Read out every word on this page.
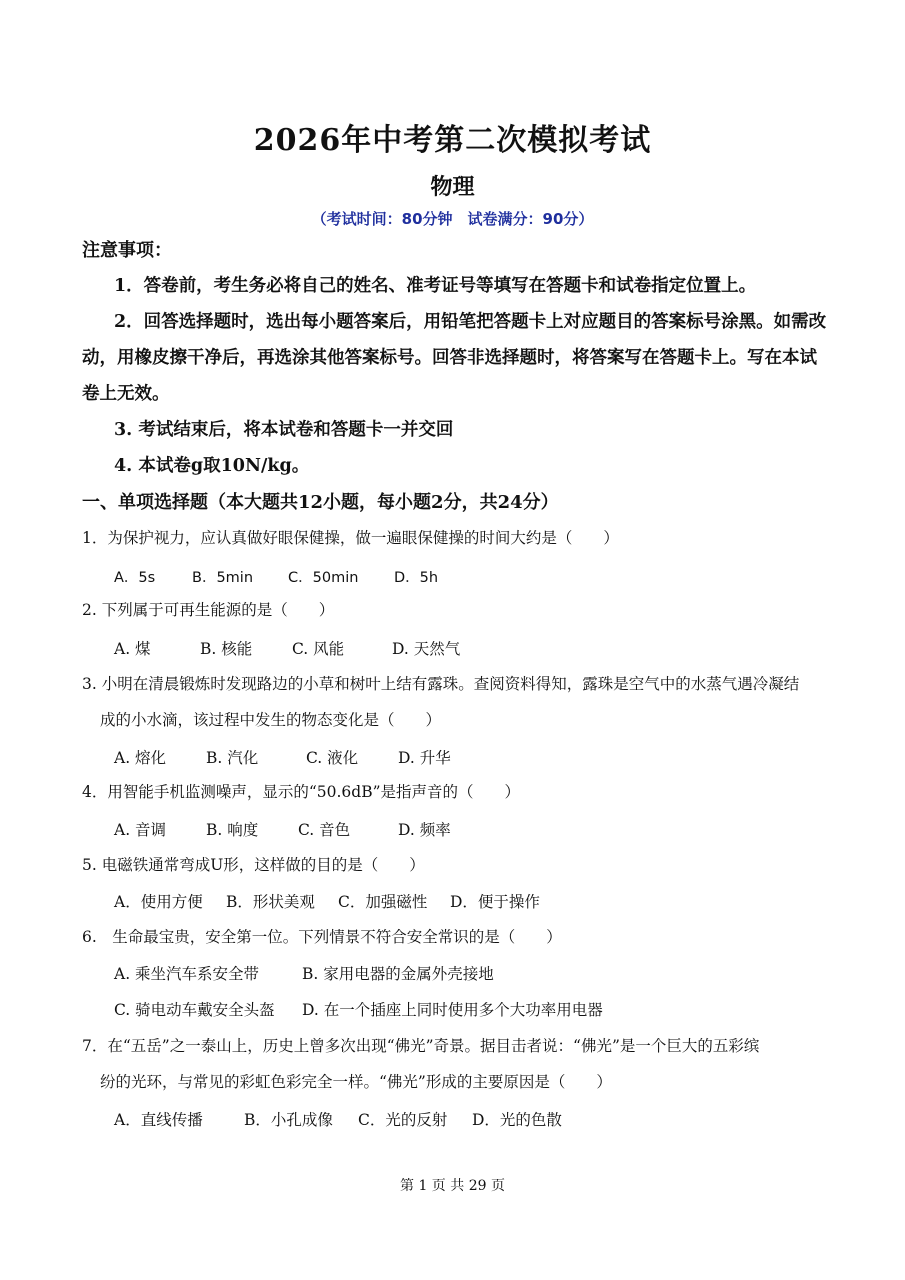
2026年中考第二次模拟考试
物理
（考试时间：80分钟　试卷满分：90分）
注意事项：

1．答卷前，考生务必将自己的姓名、准考证号等填写在答题卡和试卷指定位置上。

2．回答选择题时，选出每小题答案后，用铅笔把答题卡上对应题目的答案标号涂黑。如需改动，用橡皮擦干净后，再选涂其他答案标号。回答非选择题时，将答案写在答题卡上。写在本试卷上无效。

3. 考试结束后，将本试卷和答题卡一并交回

4. 本试卷g取10N/kg。

一、单项选择题（本大题共12小题，每小题2分，共24分）
1．为保护视力，应认真做好眼保健操，做一遍眼保健操的时间大约是（　　）
A．5s	B．5min C．50min D．5h
2. 下列属于可再生能源的是（　　）
A. 煤	B. 核能	C. 风能	D. 天然气
3. 小明在清晨锻炼时发现路边的小草和树叶上结有露珠。查阅资料得知，露珠是空气中的水蒸气遇冷凝结
成的小水滴，该过程中发生的物态变化是（　　）
A. 熔化	B. 汽化	C. 液化	D. 升华
4．用智能手机监测噪声，显示的“50.6dB”是指声音的（　　）
A. 音调	B. 响度	C. 音色	D. 频率
5. 电磁铁通常弯成U形，这样做的目的是（　　）
A．使用方便 B．形状美观 C．加强磁性 D．便于操作
6.　生命最宝贵，安全第一位。下列情景不符合安全常识的是（　　）
A. 乘坐汽车系安全带	B. 家用电器的金属外壳接地
C. 骑电动车戴安全头盔 D. 在一个插座上同时使用多个大功率用电器
7．在“五岳”之一泰山上，历史上曾多次出现“佛光”奇景。据目击者说：“佛光”是一个巨大的五彩缤
纷的光环，与常见的彩虹色彩完全一样。“佛光”形成的主要原因是（　　）
A．直线传播	B．小孔成像 C．光的反射 D．光的色散
第 1 页 共 29 页
